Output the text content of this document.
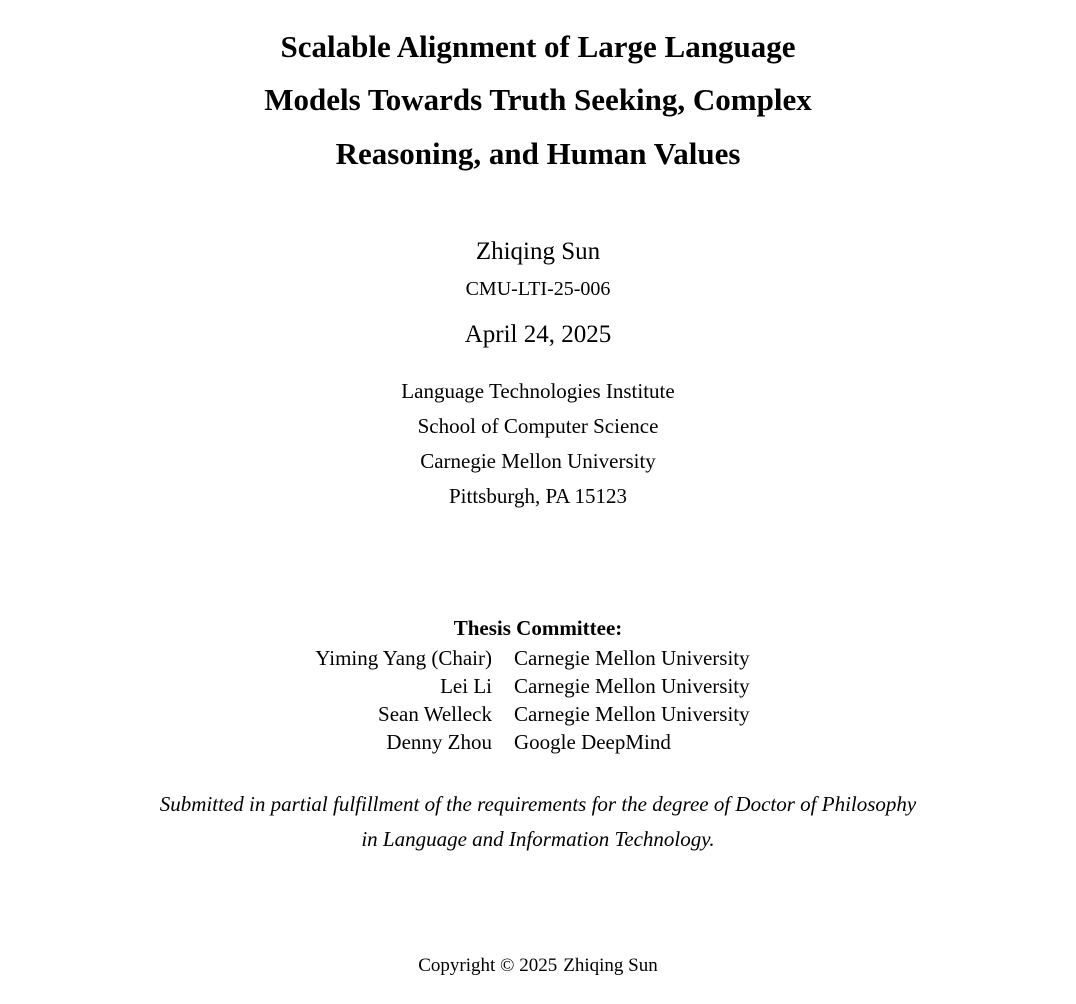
Scalable Alignment of Large Language
Models Towards Truth Seeking, Complex
Reasoning, and Human Values
Zhiqing Sun
CMU-LTI-25-006
April 24, 2025
Language Technologies Institute
School of Computer Science
Carnegie Mellon University
Pittsburgh, PA 15123
Thesis Committee:
Yiming Yang (Chair) Carnegie Mellon University
Lei Li Carnegie Mellon University
Sean Welleck Carnegie Mellon University
Denny Zhou Google DeepMind
Submitted in partial fulfillment of the requirements for the degree of Doctor of Philosophy
in Language and Information Technology.
Copyright © 2025 Zhiqing Sun
